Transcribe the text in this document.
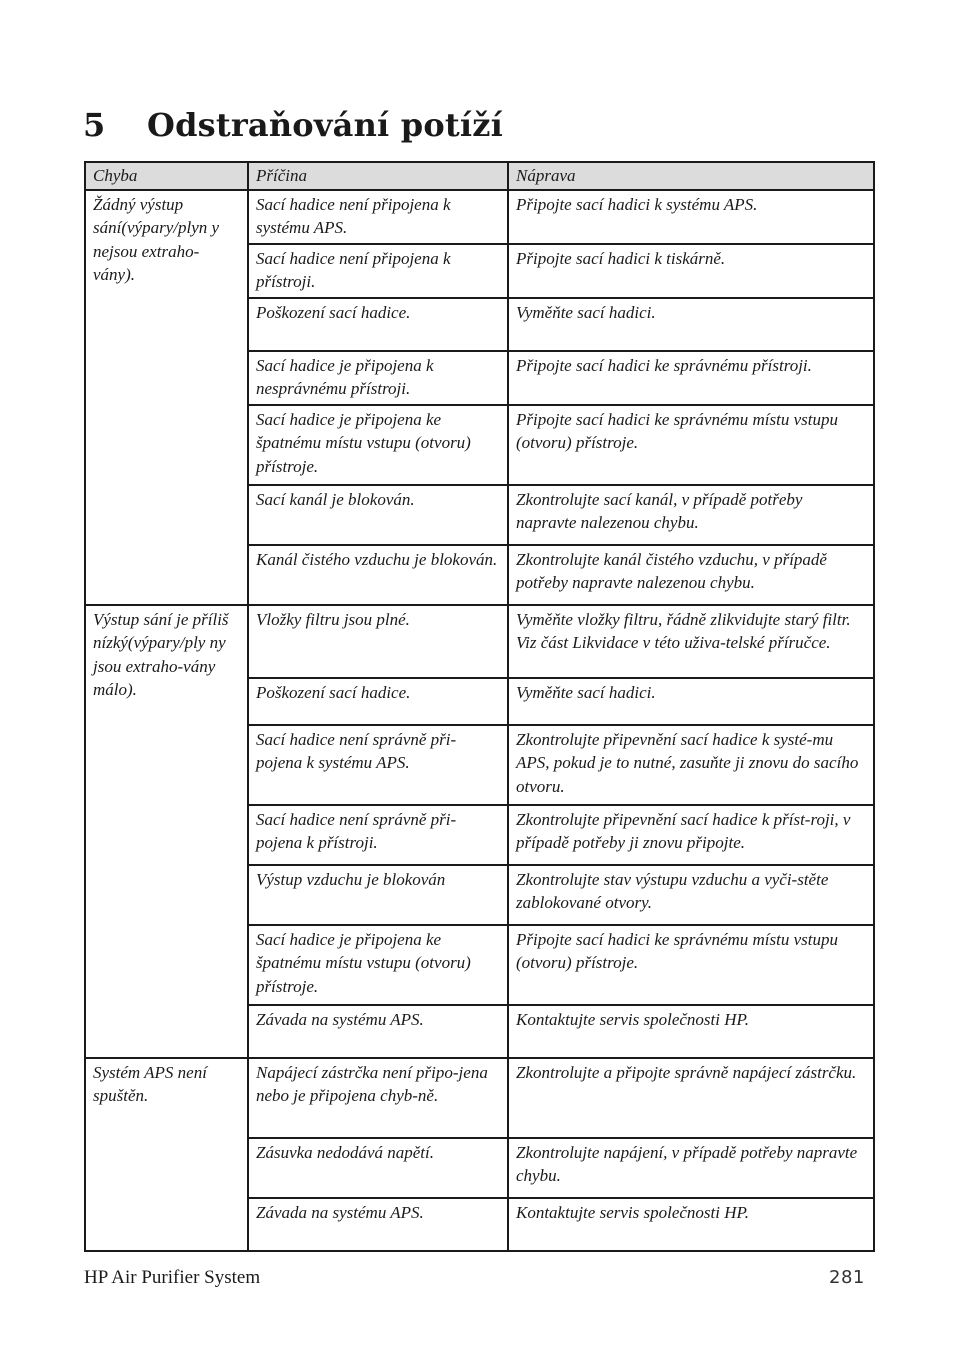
5 Odstraňování potíží
Chyba	Příčina	Náprava
Žádný výstup sání(výpary/plyn y nejsou extraho-vány).	Sací hadice není připojena k systému APS.	Připojte sací hadici k systému APS.
	Sací hadice není připojena k přístroji.	Připojte sací hadici k tiskárně.
	Poškození sací hadice.	Vyměňte sací hadici.
	Sací hadice je připojena k nesprávnému přístroji.	Připojte sací hadici ke správnému přístroji.
	Sací hadice je připojena ke špatnému místu vstupu (otvoru) přístroje.	Připojte sací hadici ke správnému místu vstupu (otvoru) přístroje.
	Sací kanál je blokován.	Zkontrolujte sací kanál, v případě potřeby napravte nalezenou chybu.
	Kanál čistého vzduchu je blokován.	Zkontrolujte kanál čistého vzduchu, v případě potřeby napravte nalezenou chybu.
Výstup sání je příliš nízký(výpary/ply ny jsou extraho-vány málo).	Vložky filtru jsou plné.	Vyměňte vložky filtru, řádně zlikvidujte starý filtr. Viz část Likvidace v této uživa-telské příručce.
	Poškození sací hadice.	Vyměňte sací hadici.
	Sací hadice není správně při-pojena k systému APS.	Zkontrolujte připevnění sací hadice k systé-mu APS, pokud je to nutné, zasuňte ji znovu do sacího otvoru.
	Sací hadice není správně při-pojena k přístroji.	Zkontrolujte připevnění sací hadice k příst-roji, v případě potřeby ji znovu připojte.
	Výstup vzduchu je blokován	Zkontrolujte stav výstupu vzduchu a vyči-stěte zablokované otvory.
	Sací hadice je připojena ke špatnému místu vstupu (otvoru) přístroje.	Připojte sací hadici ke správnému místu vstupu (otvoru) přístroje.
	Závada na systému APS.	Kontaktujte servis společnosti HP.
Systém APS není spuštěn.	Napájecí zástrčka není připo-jena nebo je připojena chyb-ně.	Zkontrolujte a připojte správně napájecí zástrčku.
	Zásuvka nedodává napětí.	Zkontrolujte napájení, v případě potřeby napravte chybu.
	Závada na systému APS.	Kontaktujte servis společnosti HP.
HP Air Purifier System	281
